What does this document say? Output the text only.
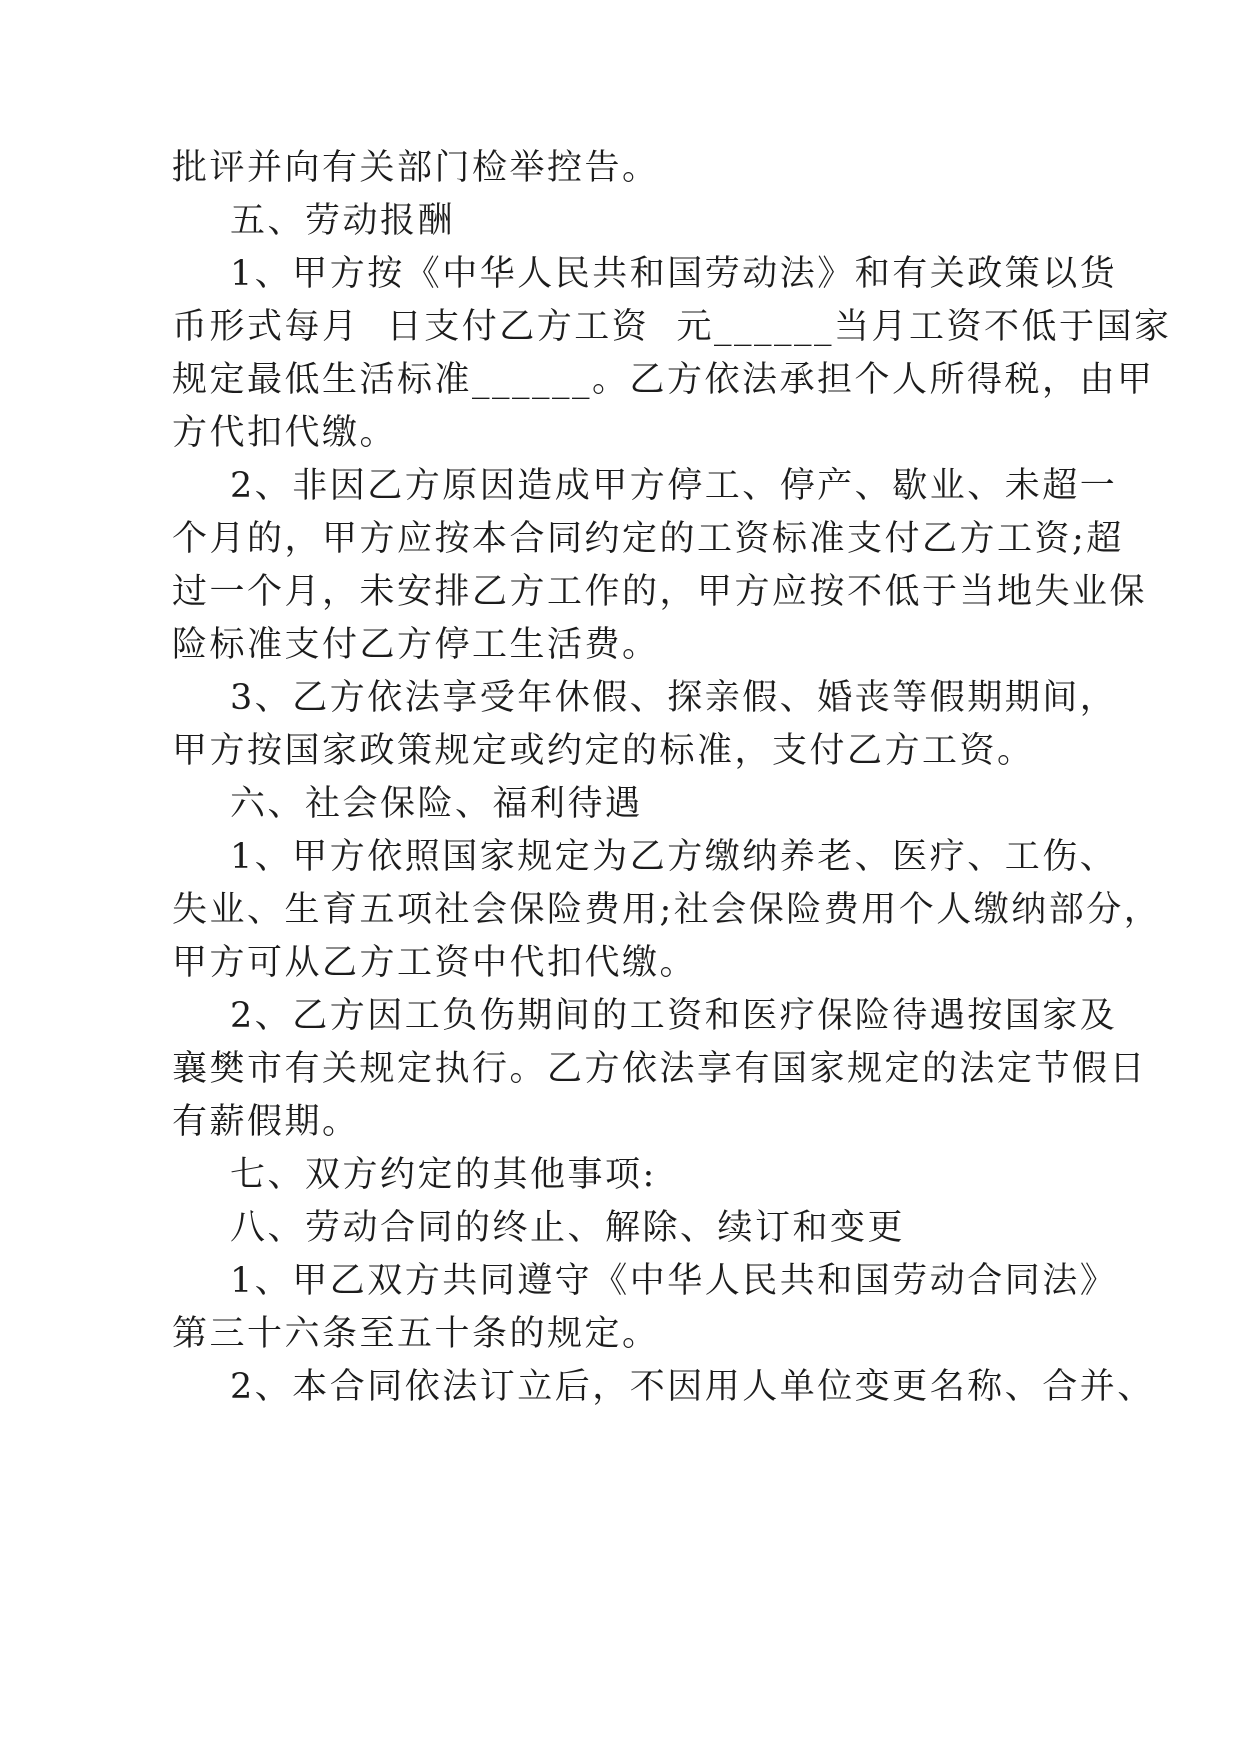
批评并向有关部门检举控告。
五、劳动报酬
1、甲方按《中华人民共和国劳动法》和有关政策以货
币形式每月  日支付乙方工资  元______当月工资不低于国家
规定最低生活标准______。乙方依法承担个人所得税，由甲
方代扣代缴。
2、非因乙方原因造成甲方停工、停产、歇业、未超一
个月的，甲方应按本合同约定的工资标准支付乙方工资;超
过一个月，未安排乙方工作的，甲方应按不低于当地失业保
险标准支付乙方停工生活费。
3、乙方依法享受年休假、探亲假、婚丧等假期期间，
甲方按国家政策规定或约定的标准，支付乙方工资。
六、社会保险、福利待遇
1、甲方依照国家规定为乙方缴纳养老、医疗、工伤、
失业、生育五项社会保险费用;社会保险费用个人缴纳部分，
甲方可从乙方工资中代扣代缴。
2、乙方因工负伤期间的工资和医疗保险待遇按国家及
襄樊市有关规定执行。乙方依法享有国家规定的法定节假日
有薪假期。
七、双方约定的其他事项:
八、劳动合同的终止、解除、续订和变更
1、甲乙双方共同遵守《中华人民共和国劳动合同法》
第三十六条至五十条的规定。
2、本合同依法订立后，不因用人单位变更名称、合并、
